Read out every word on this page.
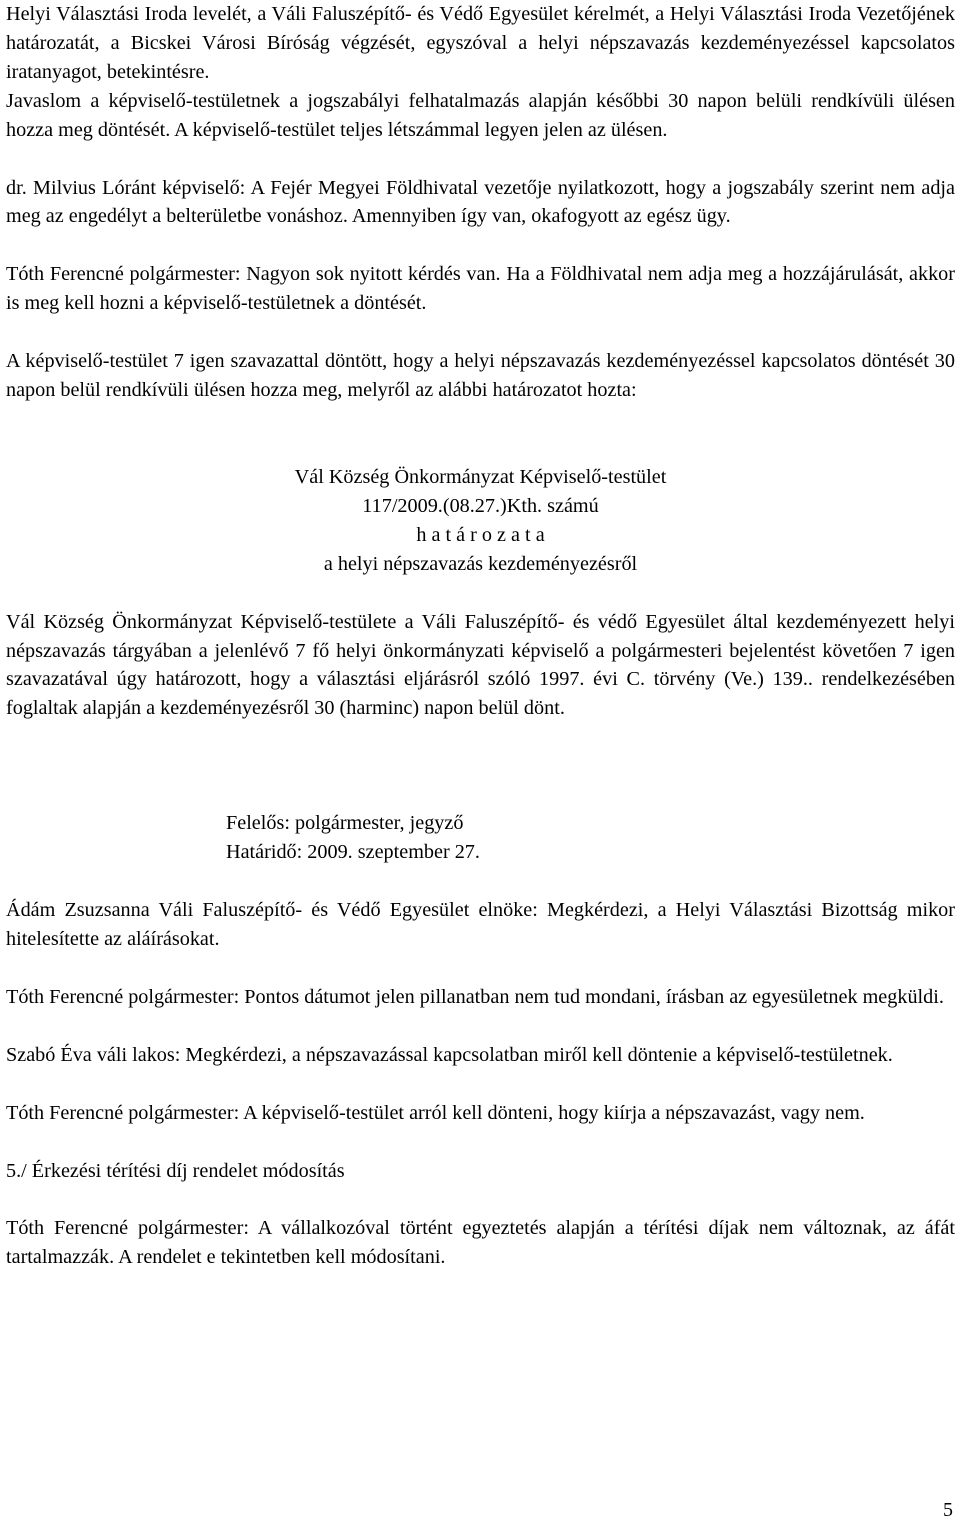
Helyi Választási Iroda levelét, a Váli Faluszépítő- és Védő Egyesület kérelmét, a Helyi Választási Iroda Vezetőjének határozatát, a Bicskei Városi Bíróság végzését, egyszóval a helyi népszavazás kezdeményezéssel kapcsolatos iratanyagot, betekintésre.

Javaslom a képviselő-testületnek a jogszabályi felhatalmazás alapján későbbi 30 napon belüli rendkívüli ülésen hozza meg döntését. A képviselő-testület teljes létszámmal legyen jelen az ülésen.

dr. Milvius Lóránt képviselő: A Fejér Megyei Földhivatal vezetője nyilatkozott, hogy a jogszabály szerint nem adja meg az engedélyt a belterületbe vonáshoz. Amennyiben így van, okafogyott az egész ügy.

Tóth Ferencné polgármester: Nagyon sok nyitott kérdés van. Ha a Földhivatal nem adja meg a hozzájárulását, akkor is meg kell hozni a képviselő-testületnek a döntését.

A képviselő-testület 7 igen szavazattal döntött, hogy a helyi népszavazás kezdeményezéssel kapcsolatos döntését 30 napon belül rendkívüli ülésen hozza meg, melyről az alábbi határozatot hozta:

Vál Község Önkormányzat Képviselő-testület

117/2009.(08.27.)Kth. számú

h a t á r o z a t a

a helyi népszavazás kezdeményezésről

Vál Község Önkormányzat Képviselő-testülete a Váli Faluszépítő- és védő Egyesület által kezdeményezett helyi népszavazás tárgyában a jelenlévő 7 fő helyi önkormányzati képviselő a polgármesteri bejelentést követően 7 igen szavazatával úgy határozott, hogy a választási eljárásról szóló 1997. évi C. törvény (Ve.) 139.. rendelkezésében foglaltak alapján a kezdeményezésről 30 (harminc) napon belül dönt.

Felelős: polgármester, jegyző

Határidő: 2009. szeptember 27.

Ádám Zsuzsanna Váli Faluszépítő- és Védő Egyesület elnöke: Megkérdezi, a Helyi Választási Bizottság mikor hitelesítette az aláírásokat.

Tóth Ferencné polgármester: Pontos dátumot jelen pillanatban nem tud mondani, írásban az egyesületnek megküldi.

Szabó Éva váli lakos: Megkérdezi, a népszavazással kapcsolatban miről kell döntenie a képviselő-testületnek.

Tóth Ferencné polgármester: A képviselő-testület arról kell dönteni, hogy kiírja a népszavazást, vagy nem.

5./ Érkezési térítési díj rendelet módosítás

Tóth Ferencné polgármester: A vállalkozóval történt egyeztetés alapján a térítési díjak nem változnak, az áfát tartalmazzák. A rendelet e tekintetben kell módosítani.

5
